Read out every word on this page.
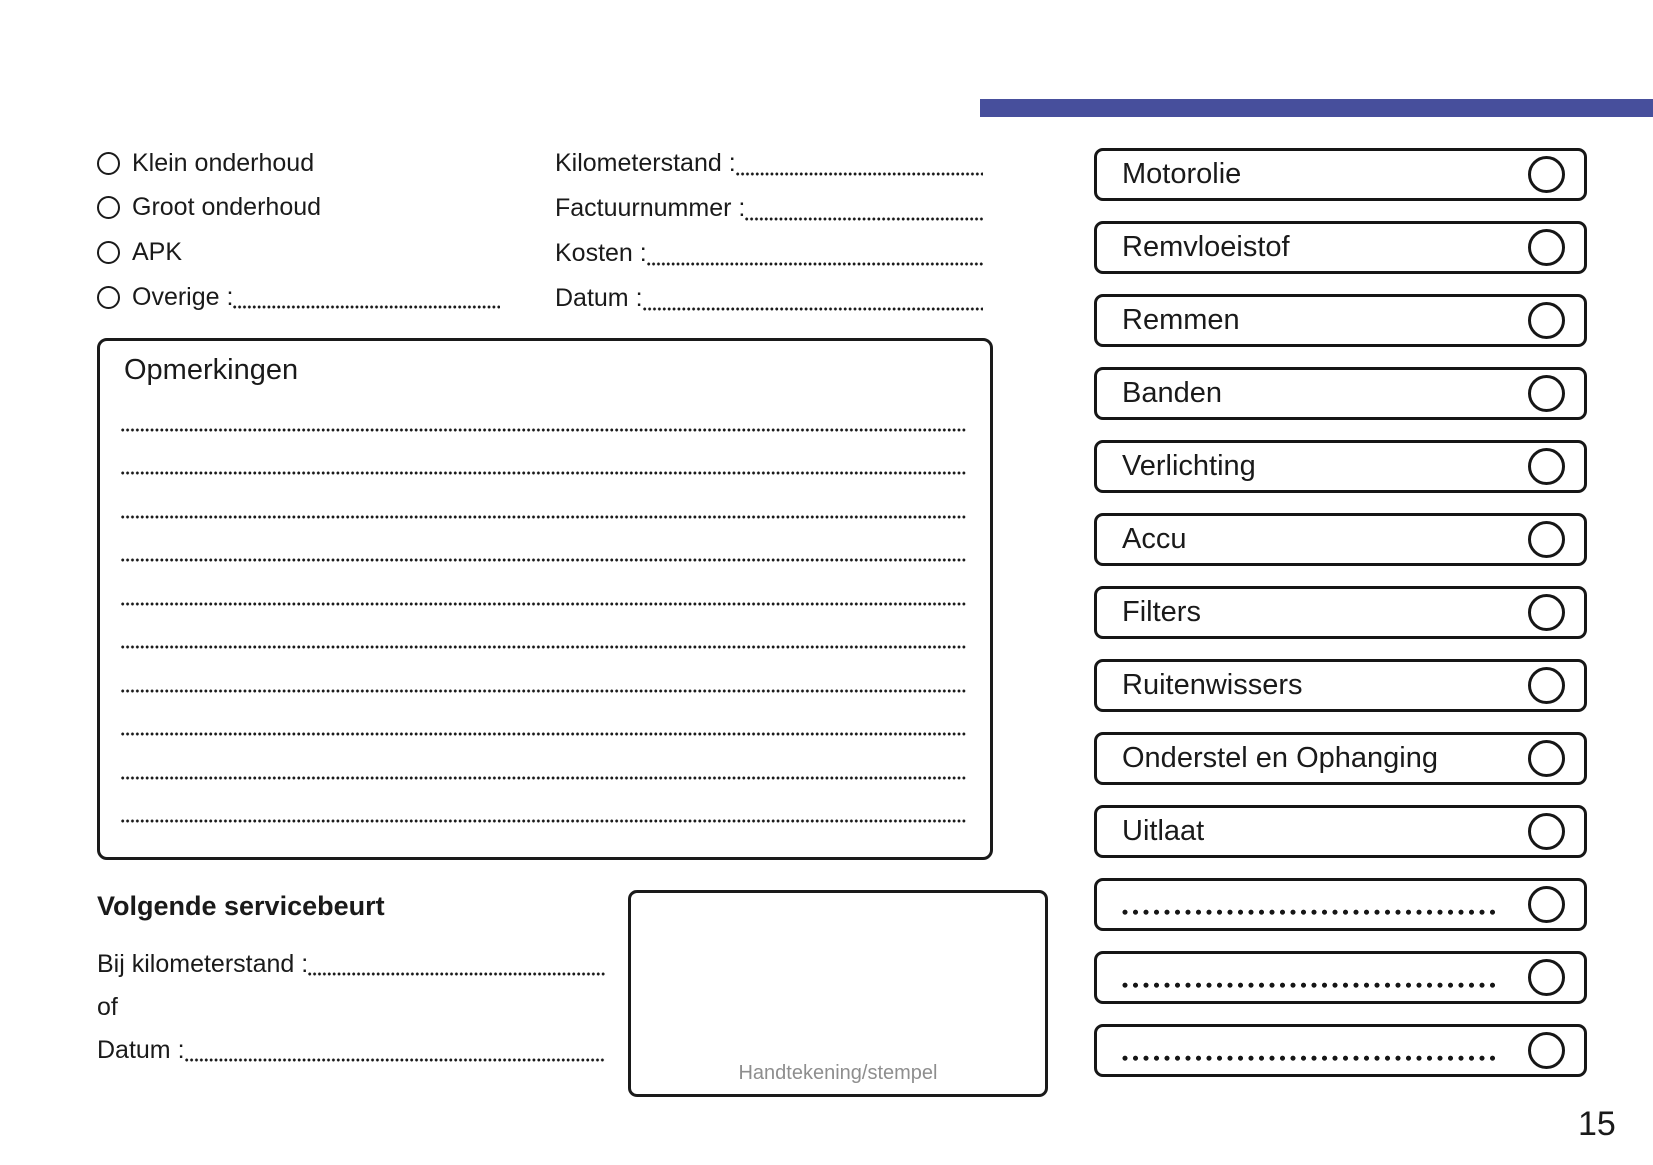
Klein onderhoud
Groot onderhoud
APK
Overige :
Kilometerstand :
Factuurnummer :
Kosten :
Datum :
Opmerkingen
Volgende servicebeurt
Bij kilometerstand :
of
Datum :
Handtekening/stempel
Motorolie
Remvloeistof
Remmen
Banden
Verlichting
Accu
Filters
Ruitenwissers
Onderstel en Ophanging
Uitlaat
15
